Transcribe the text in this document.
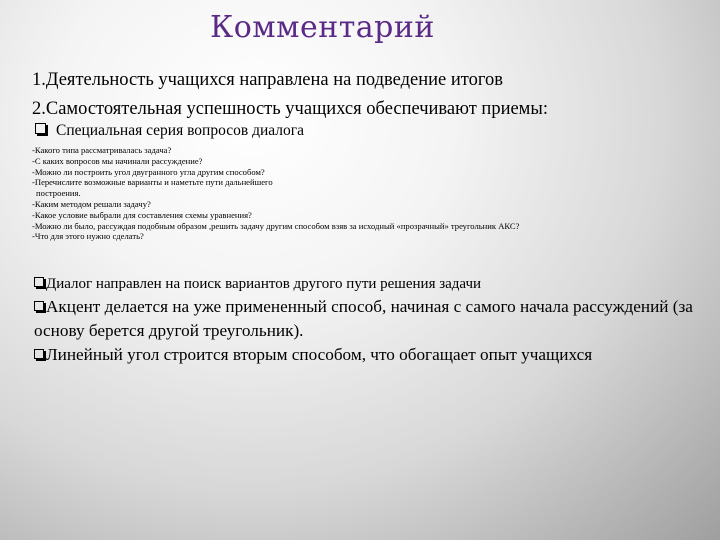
Комментарий
1.Деятельность учащихся направлена на подведение итогов
2.Самостоятельная успешность учащихся обеспечивают приемы:
Специальная серия вопросов диалога
-Какого типа рассматривалась задача?
-С каких вопросов мы начинали рассуждение?
-Можно ли построить угол двугранного угла другим способом?
-Перечислите возможные варианты и наметьте пути дальнейшего
построения.
-Каким методом решали задачу?
-Какое условие выбрали для составления схемы уравнения?
-Можно ли было, рассуждая подобным образом ,решить задачу другим способом взяв за исходный «прозрачный» треугольник АКС?
-Что для этого нужно сделать?
Диалог направлен на поиск вариантов другого пути решения задачи
Акцент делается на уже примененный способ, начиная с самого начала рассуждений (за основу берется другой треугольник).
Линейный угол строится вторым способом, что обогащает опыт учащихся
